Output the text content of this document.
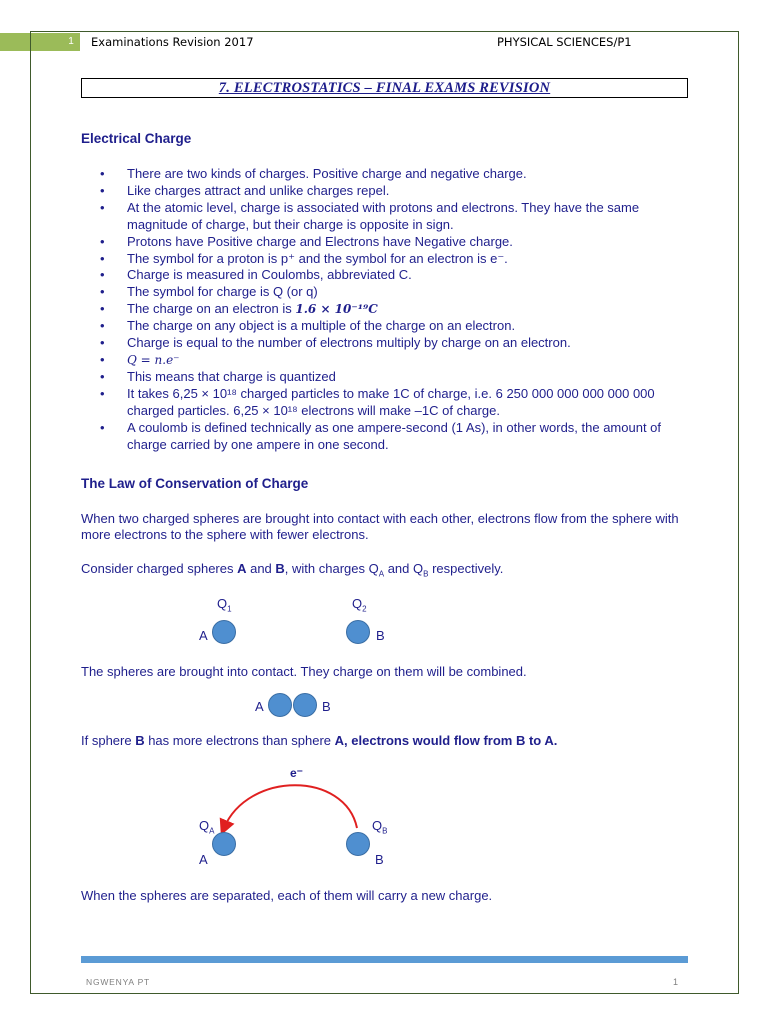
1	Examinations Revision 2017	PHYSICAL SCIENCES/P1
7. ELECTROSTATICS – FINAL EXAMS REVISION
Electrical Charge
• There are two kinds of charges. Positive charge and negative charge.
• Like charges attract and unlike charges repel.
• At the atomic level, charge is associated with protons and electrons. They have the same magnitude of charge, but their charge is opposite in sign.
• Protons have Positive charge and Electrons have Negative charge.
• The symbol for a proton is p⁺ and the symbol for an electron is e⁻.
• Charge is measured in Coulombs, abbreviated C.
• The symbol for charge is Q (or q)
• The charge on an electron is 1.6 × 10⁻¹⁹C
• The charge on any object is a multiple of the charge on an electron.
• Charge is equal to the number of electrons multiply by charge on an electron.
• Q = n.e⁻
• This means that charge is quantized
• It takes 6,25 × 10¹⁸ charged particles to make 1C of charge, i.e. 6 250 000 000 000 000 000 charged particles. 6,25 × 10¹⁸ electrons will make –1C of charge.
• A coulomb is defined technically as one ampere-second (1 As), in other words, the amount of charge carried by one ampere in one second.
The Law of Conservation of Charge
When two charged spheres are brought into contact with each other, electrons flow from the sphere with more electrons to the sphere with fewer electrons.
Consider charged spheres A and B, with charges $Q_A$ and $Q_B$ respectively.
$Q_1$	$Q_2$
A	B
The spheres are brought into contact. They charge on them will be combined.
A	B
If sphere B has more electrons than sphere A, electrons would flow from B to A.
e⁻
$Q_A$	$Q_B$
A	B
When the spheres are separated, each of them will carry a new charge.
NGWENYA PT	1
